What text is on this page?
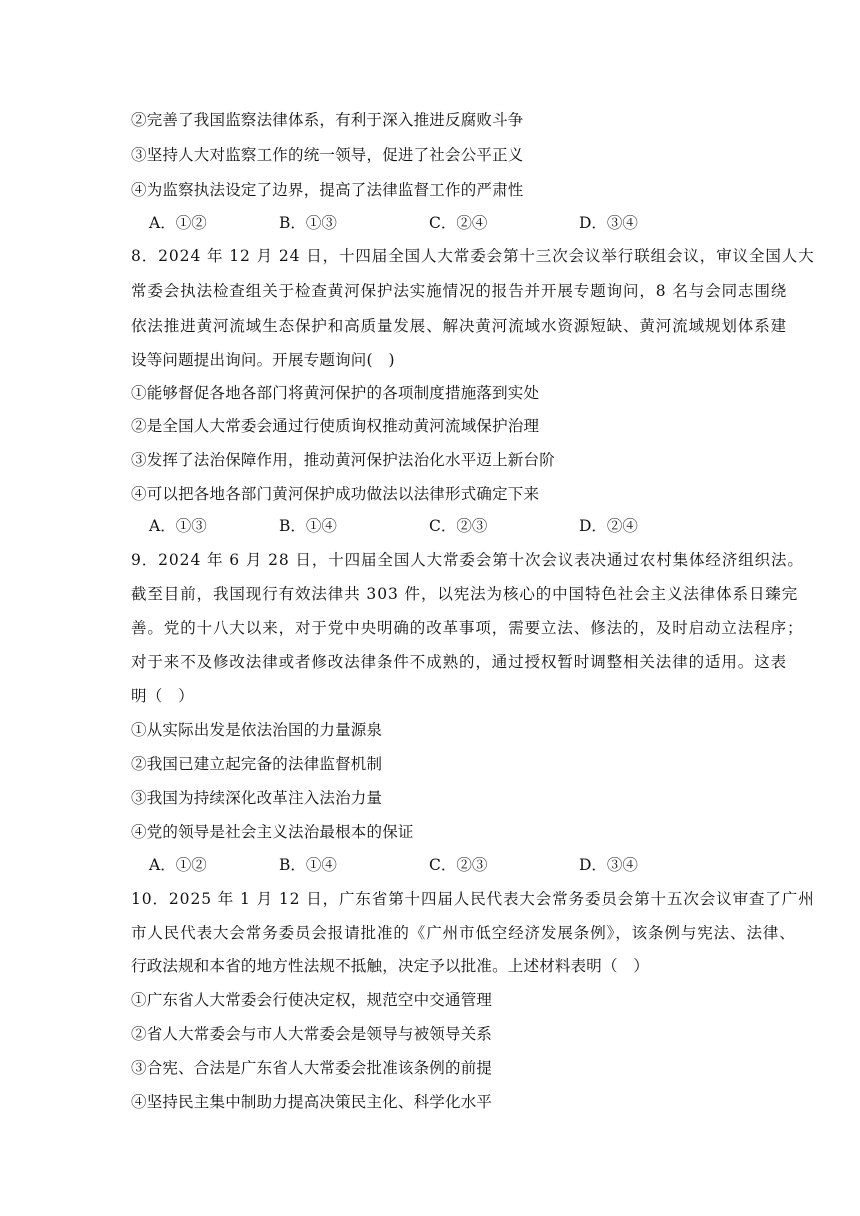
②完善了我国监察法律体系，有利于深入推进反腐败斗争
③坚持人大对监察工作的统一领导，促进了社会公平正义
④为监察执法设定了边界，提高了法律监督工作的严肃性
A．①②	B．①③	C．②④	D．③④
8．2024 年 12 月 24 日，十四届全国人大常委会第十三次会议举行联组会议，审议全国人大
常委会执法检查组关于检查黄河保护法实施情况的报告并开展专题询问，8 名与会同志围绕
依法推进黄河流域生态保护和高质量发展、解决黄河流域水资源短缺、黄河流域规划体系建
设等问题提出询问。开展专题询问(　)
①能够督促各地各部门将黄河保护的各项制度措施落到实处
②是全国人大常委会通过行使质询权推动黄河流域保护治理
③发挥了法治保障作用，推动黄河保护法治化水平迈上新台阶
④可以把各地各部门黄河保护成功做法以法律形式确定下来
A．①③	B．①④	C．②③	D．②④
9．2024 年 6 月 28 日，十四届全国人大常委会第十次会议表决通过农村集体经济组织法。
截至目前，我国现行有效法律共 303 件，以宪法为核心的中国特色社会主义法律体系日臻完
善。党的十八大以来，对于党中央明确的改革事项，需要立法、修法的，及时启动立法程序；
对于来不及修改法律或者修改法律条件不成熟的，通过授权暂时调整相关法律的适用。这表
明（　）
①从实际出发是依法治国的力量源泉
②我国已建立起完备的法律监督机制
③我国为持续深化改革注入法治力量
④党的领导是社会主义法治最根本的保证
A．①②	B．①④	C．②③	D．③④
10．2025 年 1 月 12 日，广东省第十四届人民代表大会常务委员会第十五次会议审查了广州
市人民代表大会常务委员会报请批准的《广州市低空经济发展条例》，该条例与宪法、法律、
行政法规和本省的地方性法规不抵触，决定予以批准。上述材料表明（　）
①广东省人大常委会行使决定权，规范空中交通管理
②省人大常委会与市人大常委会是领导与被领导关系
③合宪、合法是广东省人大常委会批准该条例的前提
④坚持民主集中制助力提高决策民主化、科学化水平
